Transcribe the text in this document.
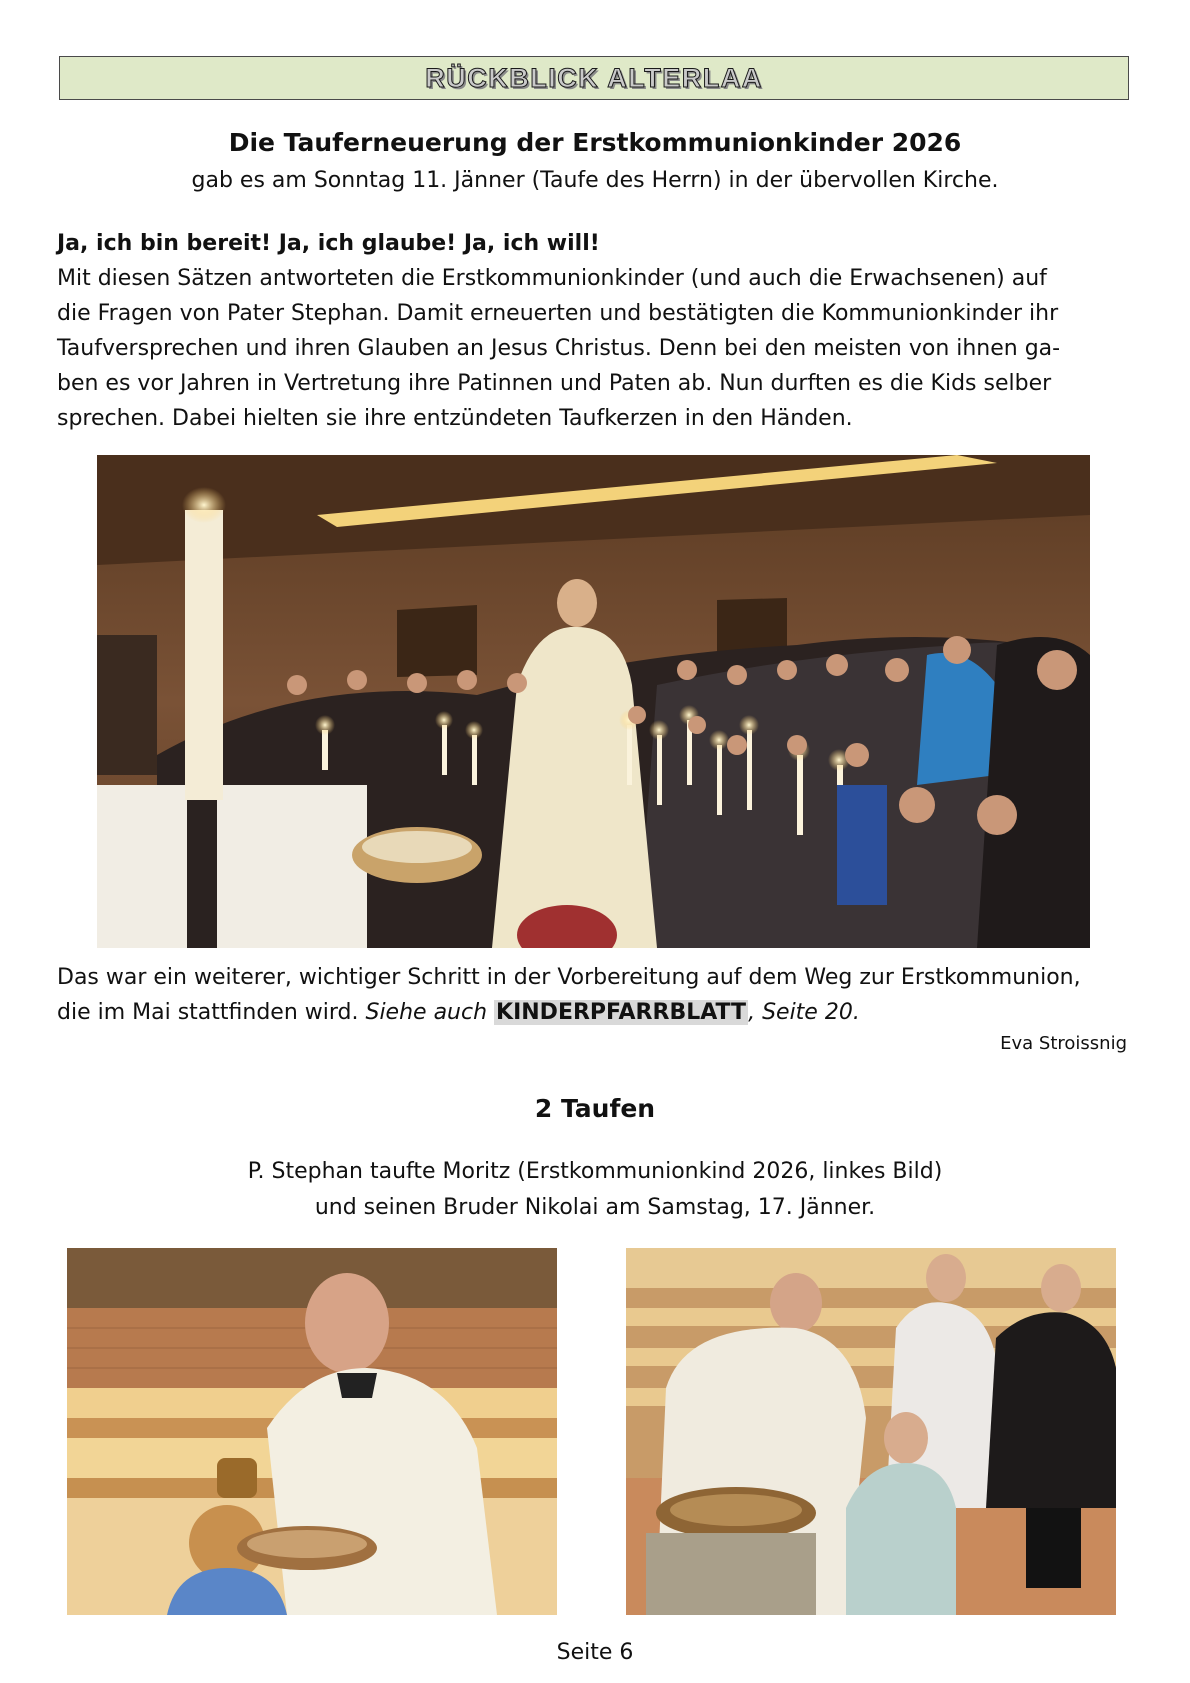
RÜCKBLICK ALTERLAA
Die Tauferneuerung der Erstkommunionkinder 2026
gab es am Sonntag 11. Jänner (Taufe des Herrn) in der übervollen Kirche.
Ja, ich bin bereit! Ja, ich glaube! Ja, ich will!
Mit diesen Sätzen antworteten die Erstkommunionkinder (und auch die Erwachsenen) auf
die Fragen von Pater Stephan. Damit erneuerten und bestätigten die Kommunionkinder ihr
Taufversprechen und ihren Glauben an Jesus Christus. Denn bei den meisten von ihnen ga-
ben es vor Jahren in Vertretung ihre Patinnen und Paten ab. Nun durften es die Kids selber
sprechen. Dabei hielten sie ihre entzündeten Taufkerzen in den Händen.
Das war ein weiterer, wichtiger Schritt in der Vorbereitung auf dem Weg zur Erstkommunion,
die im Mai stattfinden wird. Siehe auch KINDERPFARRBLATT, Seite 20.
Eva Stroissnig
2 Taufen
P. Stephan taufte Moritz (Erstkommunionkind 2026, linkes Bild)
und seinen Bruder Nikolai am Samstag, 17. Jänner.
Seite 6
